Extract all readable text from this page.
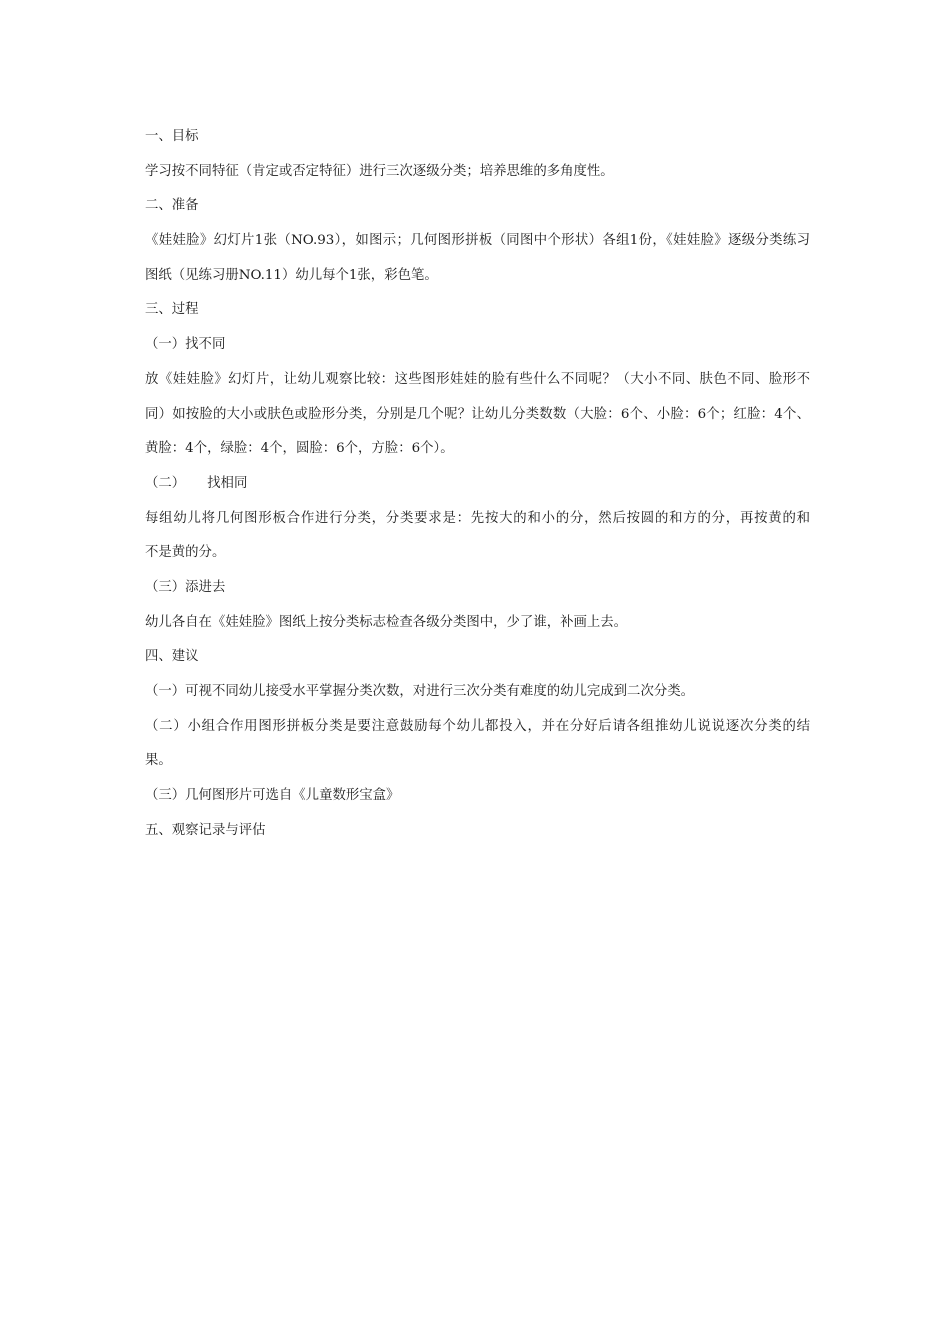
一、目标
学习按不同特征（肯定或否定特征）进行三次逐级分类；培养思维的多角度性。
二、准备
《娃娃脸》幻灯片1张（NO.93），如图示；几何图形拼板（同图中个形状）各组1份，《娃娃脸》逐级分类练习
图纸（见练习册NO.11）幼儿每个1张，彩色笔。
三、过程
（一）找不同
放《娃娃脸》幻灯片，让幼儿观察比较：这些图形娃娃的脸有些什么不同呢？（大小不同、肤色不同、脸形不
同）如按脸的大小或肤色或脸形分类，分别是几个呢？让幼儿分类数数（大脸：6个、小脸：6个；红脸：4个、
黄脸：4个，绿脸：4个，圆脸：6个，方脸：6个）。
（二） 找相同
每组幼儿将几何图形板合作进行分类，分类要求是：先按大的和小的分，然后按圆的和方的分，再按黄的和
不是黄的分。
（三）添进去
幼儿各自在《娃娃脸》图纸上按分类标志检查各级分类图中，少了谁，补画上去。
四、建议
（一）可视不同幼儿接受水平掌握分类次数，对进行三次分类有难度的幼儿完成到二次分类。
（二）小组合作用图形拼板分类是要注意鼓励每个幼儿都投入，并在分好后请各组推幼儿说说逐次分类的结
果。
（三）几何图形片可选自《儿童数形宝盒》
五、观察记录与评估
